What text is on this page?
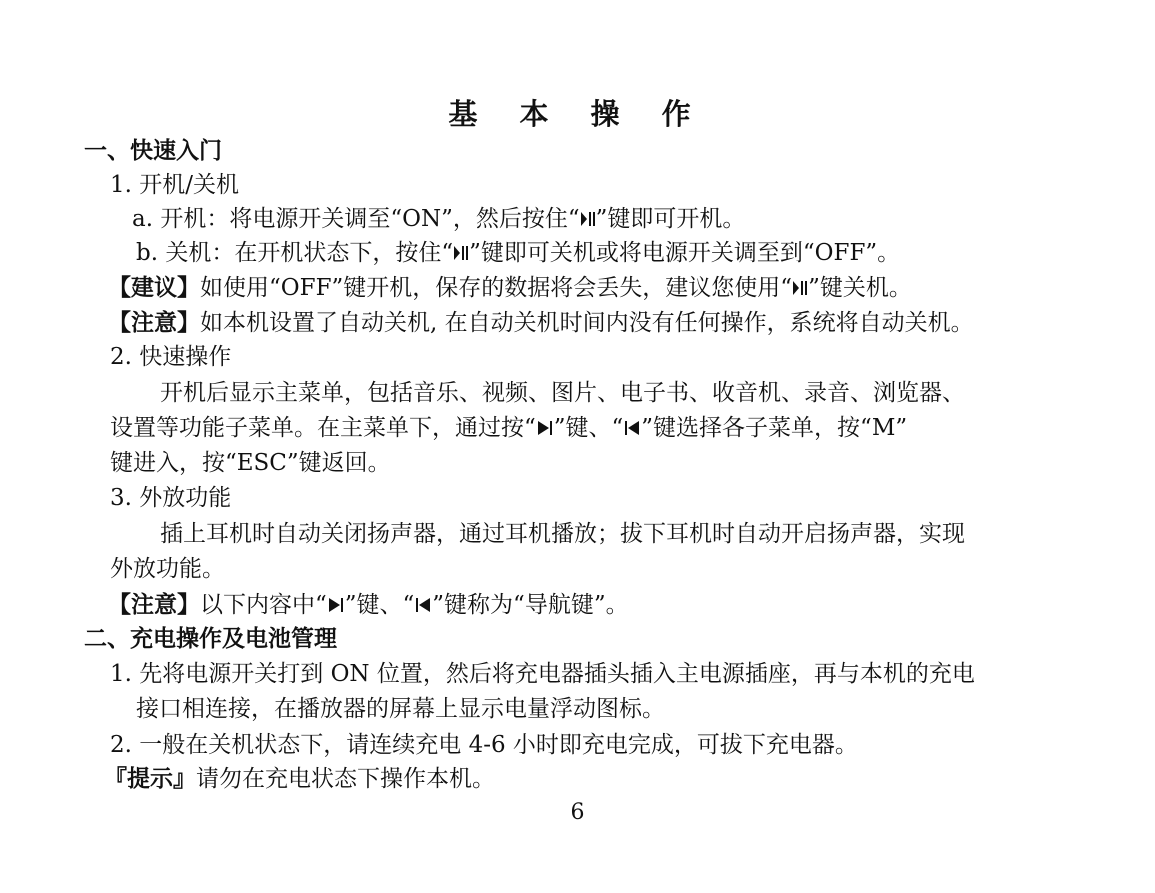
基 本 操 作
一、快速入门
1. 开机/关机
a. 开机：将电源开关调至“ON”，然后按住“ ”键即可开机。
b. 关机：在开机状态下，按住“ ”键即可关机或将电源开关调至到“OFF”。
【建议】如使用“OFF”键开机，保存的数据将会丢失，建议您使用“ ”键关机。
【注意】如本机设置了自动关机, 在自动关机时间内没有任何操作，系统将自动关机。
2. 快速操作
开机后显示主菜单，包括音乐、视频、图片、电子书、收音机、录音、浏览器、
设置等功能子菜单。在主菜单下，通过按“ ”键、“ ”键选择各子菜单，按“M”
键进入，按“ESC”键返回。
3. 外放功能
插上耳机时自动关闭扬声器，通过耳机播放；拔下耳机时自动开启扬声器，实现
外放功能。
【注意】以下内容中“ ”键、“ ”键称为“导航键”。
二、充电操作及电池管理
1. 先将电源开关打到 ON 位置，然后将充电器插头插入主电源插座，再与本机的充电
接口相连接，在播放器的屏幕上显示电量浮动图标。
2. 一般在关机状态下，请连续充电 4-6 小时即充电完成，可拔下充电器。
『提示』请勿在充电状态下操作本机。
6
